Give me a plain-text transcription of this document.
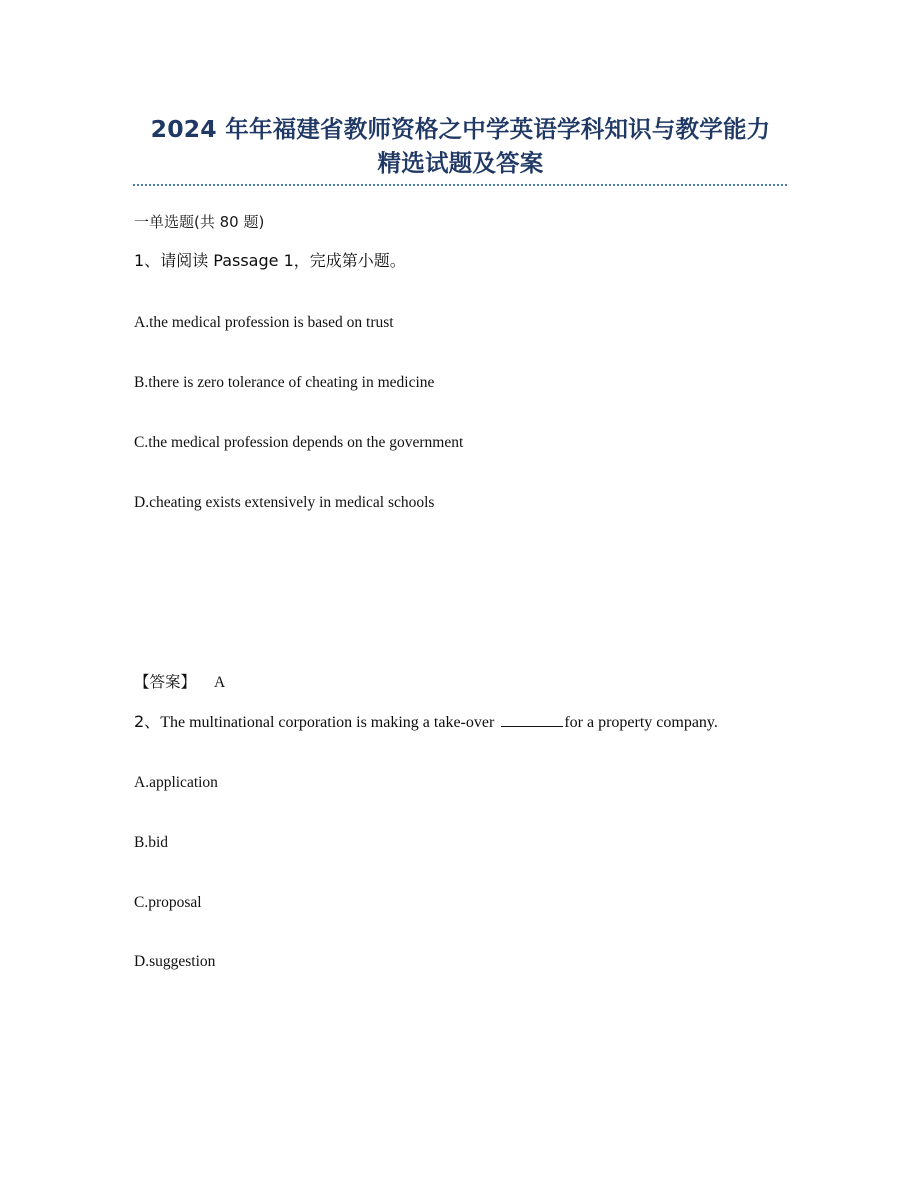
2024 年年福建省教师资格之中学英语学科知识与教学能力
精选试题及答案
一单选题(共 80 题)
1、请阅读 Passage 1，完成第小题。
A.the medical profession is based on trust
B.there is zero tolerance of cheating in medicine
C.the medical profession depends on the government
D.cheating exists extensively in medical schools
【答案】 A
2、The multinational corporation is making a take-over	for a property company.
A.application
B.bid
C.proposal
D.suggestion
